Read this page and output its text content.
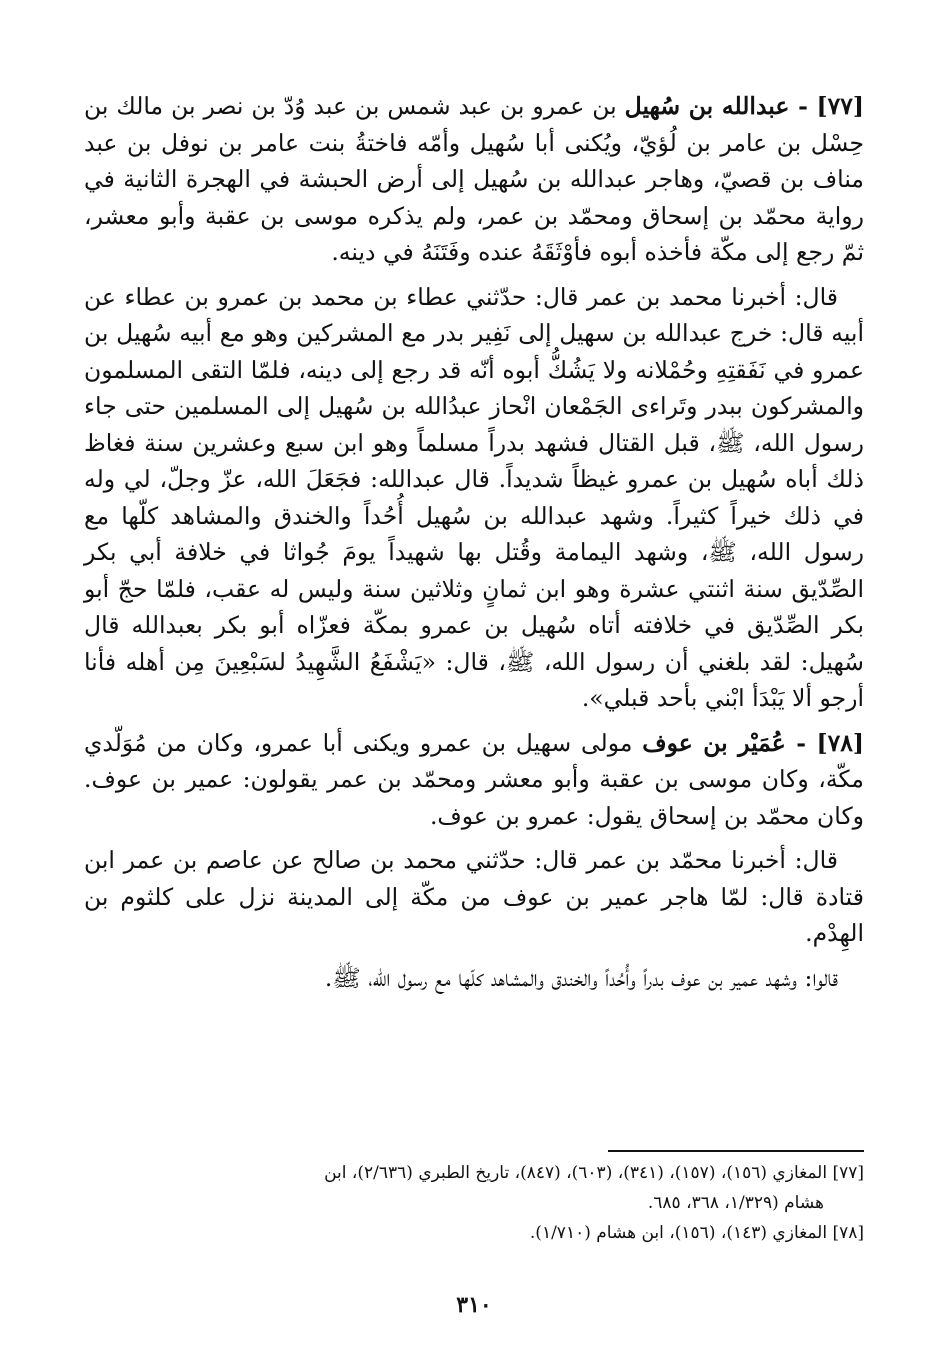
[٧٧] - عبدالله بن سُهيل بن عمرو بن عبد شمس بن عبد وُدّ بن نصر بن مالك بن حِسْل بن عامر بن لُؤيّ، ويُكنى أبا سُهيل وأمّه فاختةُ بنت عامر بن نوفل بن عبد مناف بن قصيّ، وهاجر عبدالله بن سُهيل إلى أرض الحبشة في الهجرة الثانية في رواية محمّد بن إسحاق ومحمّد بن عمر، ولم يذكره موسى بن عقبة وأبو معشر، ثمّ رجع إلى مكّة فأخذه أبوه فأوْثَقَهُ عنده وفَتَنَهُ في دينه.

قال: أخبرنا محمد بن عمر قال: حدّثني عطاء بن محمد بن عمرو بن عطاء عن أبيه قال: خرج عبدالله بن سهيل إلى نَفِير بدر مع المشركين وهو مع أبيه سُهيل بن عمرو في نَفَقتِهِ وحُمْلانه ولا يَشُكُّ أبوه أنّه قد رجع إلى دينه، فلمّا التقى المسلمون والمشركون ببدر وتَراءى الجَمْعان انْحاز عبدُالله بن سُهيل إلى المسلمين حتى جاء رسول الله، ﷺ، قبل القتال فشهد بدراً مسلماً وهو ابن سبع وعشرين سنة فغاظ ذلك أباه سُهيل بن عمرو غيظاً شديداً. قال عبدالله: فجَعَلَ الله، عزّ وجلّ، لي وله في ذلك خيراً كثيراً. وشهد عبدالله بن سُهيل أُحُداً والخندق والمشاهد كلّها مع رسول الله، ﷺ، وشهد اليمامة وقُتل بها شهيداً يومَ جُواثا في خلافة أبي بكر الصِّدّيق سنة اثنتي عشرة وهو ابن ثمانٍ وثلاثين سنة وليس له عقب، فلمّا حجّ أبو بكر الصِّدّيق في خلافته أتاه سُهيل بن عمرو بمكّة فعزّاه أبو بكر بعبدالله قال سُهيل: لقد بلغني أن رسول الله، ﷺ، قال: «يَشْفَعُ الشَّهِيدُ لسَبْعِينَ مِن أهله فأنا أرجو ألا يَبْدَأ ابْني بأحد قبلي».

[٧٨] - عُمَيْر بن عوف مولى سهيل بن عمرو ويكنى أبا عمرو، وكان من مُوَلّدي مكّة، وكان موسى بن عقبة وأبو معشر ومحمّد بن عمر يقولون: عمير بن عوف. وكان محمّد بن إسحاق يقول: عمرو بن عوف.

قال: أخبرنا محمّد بن عمر قال: حدّثني محمد بن صالح عن عاصم بن عمر ابن قتادة قال: لمّا هاجر عمير بن عوف من مكّة إلى المدينة نزل على كلثوم بن الهِدْم.

قالوا: وشهد عمير بن عوف بدراً وأُحُداً والخندق والمشاهد كلّها مع رسول الله، ﷺ.

[٧٧] المغازي (١٥٦)، (١٥٧)، (٣٤١)، (٦٠٣)، (٨٤٧)، تاريخ الطبري (٢/٦٣٦)، ابن
هشام (١/٣٢٩، ٣٦٨، ٦٨٥.
[٧٨] المغازي (١٤٣)، (١٥٦)، ابن هشام (١/٧١٠).
٣١٠
